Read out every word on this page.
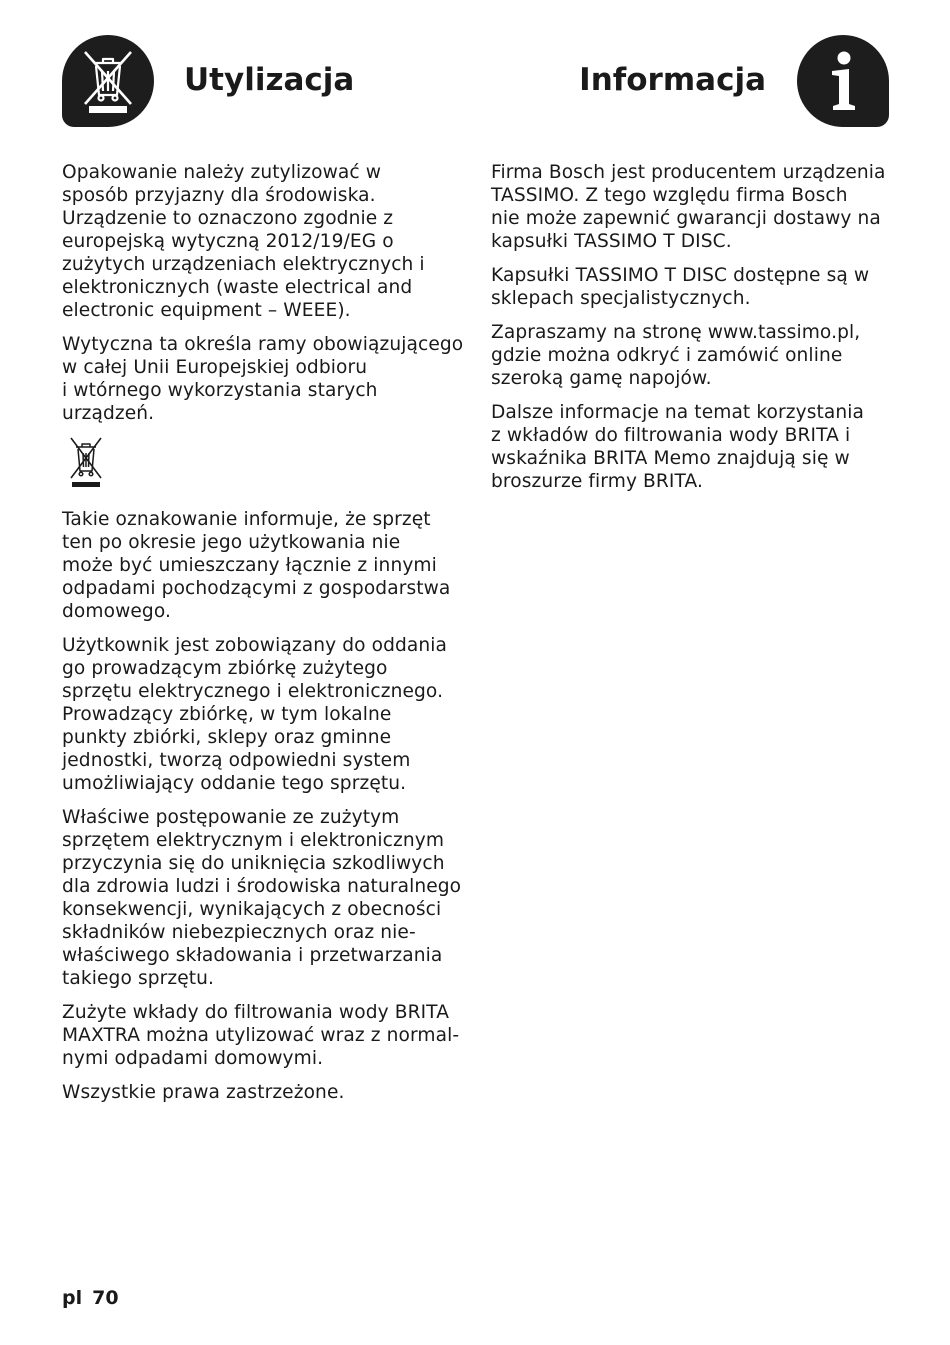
Utylizacja	Informacja

Opakowanie należy zutylizować w
sposób przyjazny dla środowiska.
Urządzenie to oznaczono zgodnie z
europejską wytyczną 2012/19/EG o
zużytych urządzeniach elektrycznych i
elektronicznych (waste electrical and
electronic equipment – WEEE).

Wytyczna ta określa ramy obowiązującego
w całej Unii Europejskiej odbioru
i wtórnego wykorzystania starych
urządzeń.

Takie oznakowanie informuje, że sprzęt
ten po okresie jego użytkowania nie
może być umieszczany łącznie z innymi
odpadami pochodzącymi z gospodarstwa
domowego.

Użytkownik jest zobowiązany do oddania
go prowadzącym zbiórkę zużytego
sprzętu elektrycznego i elektronicznego.
Prowadzący zbiórkę, w tym lokalne
punkty zbiórki, sklepy oraz gminne
jednostki, tworzą odpowiedni system
umożliwiający oddanie tego sprzętu.

Właściwe postępowanie ze zużytym
sprzętem elektrycznym i elektronicznym
przyczynia się do uniknięcia szkodliwych
dla zdrowia ludzi i środowiska naturalnego
konsekwencji, wynikających z obecności
składników niebezpiecznych oraz nie-
właściwego składowania i przetwarzania
takiego sprzętu.

Zużyte wkłady do filtrowania wody BRITA
MAXTRA można utylizować wraz z normal-
nymi odpadami domowymi.

Wszystkie prawa zastrzeżone.

Firma Bosch jest producentem urządzenia
TASSIMO. Z tego względu firma Bosch
nie może zapewnić gwarancji dostawy na
kapsułki TASSIMO T DISC.

Kapsułki TASSIMO T DISC dostępne są w
sklepach specjalistycznych.

Zapraszamy na stronę www.tassimo.pl,
gdzie można odkryć i zamówić online
szeroką gamę napojów.

Dalsze informacje na temat korzystania
z wkładów do filtrowania wody BRITA i
wskaźnika BRITA Memo znajdują się w
broszurze firmy BRITA.

pl 70
